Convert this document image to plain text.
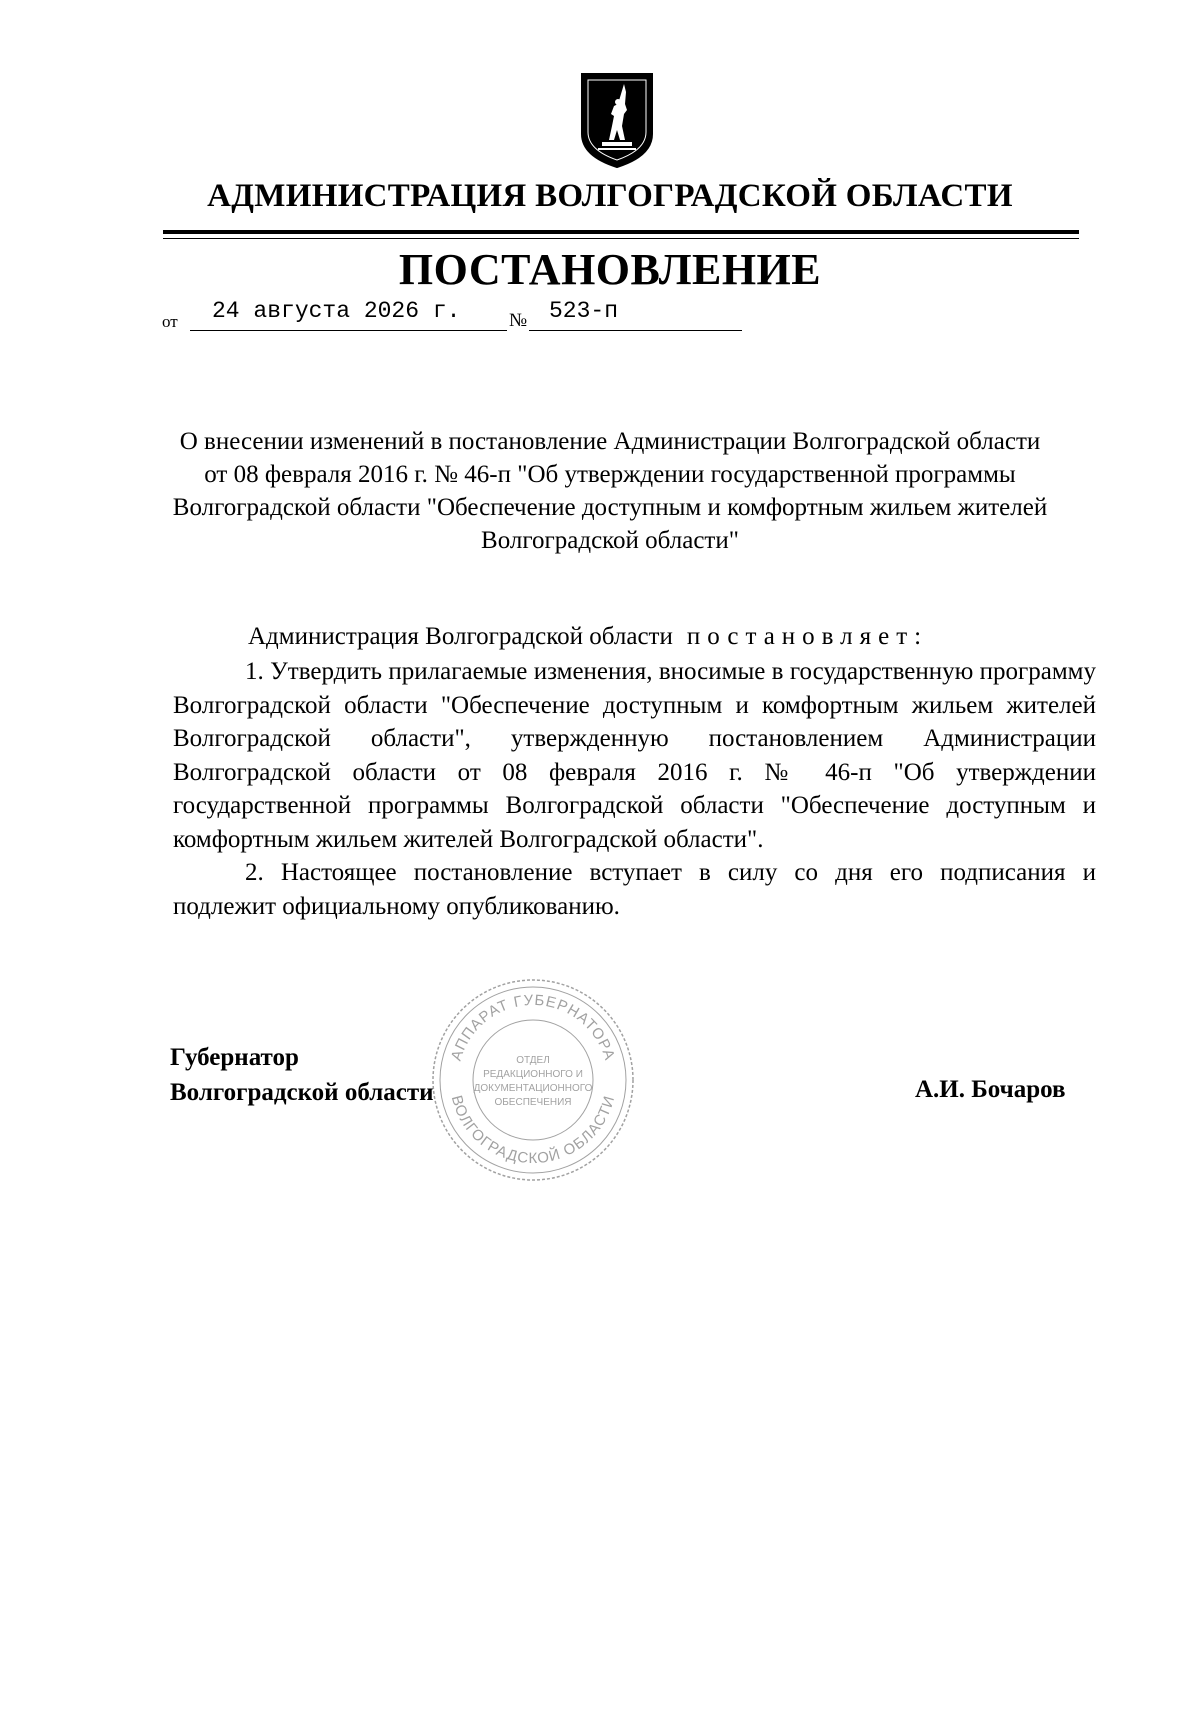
АДМИНИСТРАЦИЯ ВОЛГОГРАДСКОЙ ОБЛАСТИ
ПОСТАНОВЛЕНИЕ
от 24 августа 2026 г.	№ 523-п
О внесении изменений в постановление Администрации Волгоградской области от 08 февраля 2016 г. № 46-п "Об утверждении государственной программы Волгоградской области "Обеспечение доступным и комфортным жильем жителей Волгоградской области"
Администрация Волгоградской области постановляет:

1. Утвердить прилагаемые изменения, вносимые в государственную программу Волгоградской области "Обеспечение доступным и комфортным жильем жителей Волгоградской области", утвержденную постановлением Администрации Волгоградской области от 08 февраля 2016 г. № 46-п "Об утверждении государственной программы Волгоградской области "Обеспечение доступным и комфортным жильем жителей Волгоградской области".

2. Настоящее постановление вступает в силу со дня его подписания и подлежит официальному опубликованию.

АППАРАТ ГУБЕРНАТОРА
ВОЛГОГРАДСКОЙ ОБЛАСТИ
ОТДЕЛ
РЕДАКЦИОННОГО И
ДОКУМЕНТАЦИОННОГО
ОБЕСПЕЧЕНИЯ
Губернатор
Волгоградской области	А.И. Бочаров
